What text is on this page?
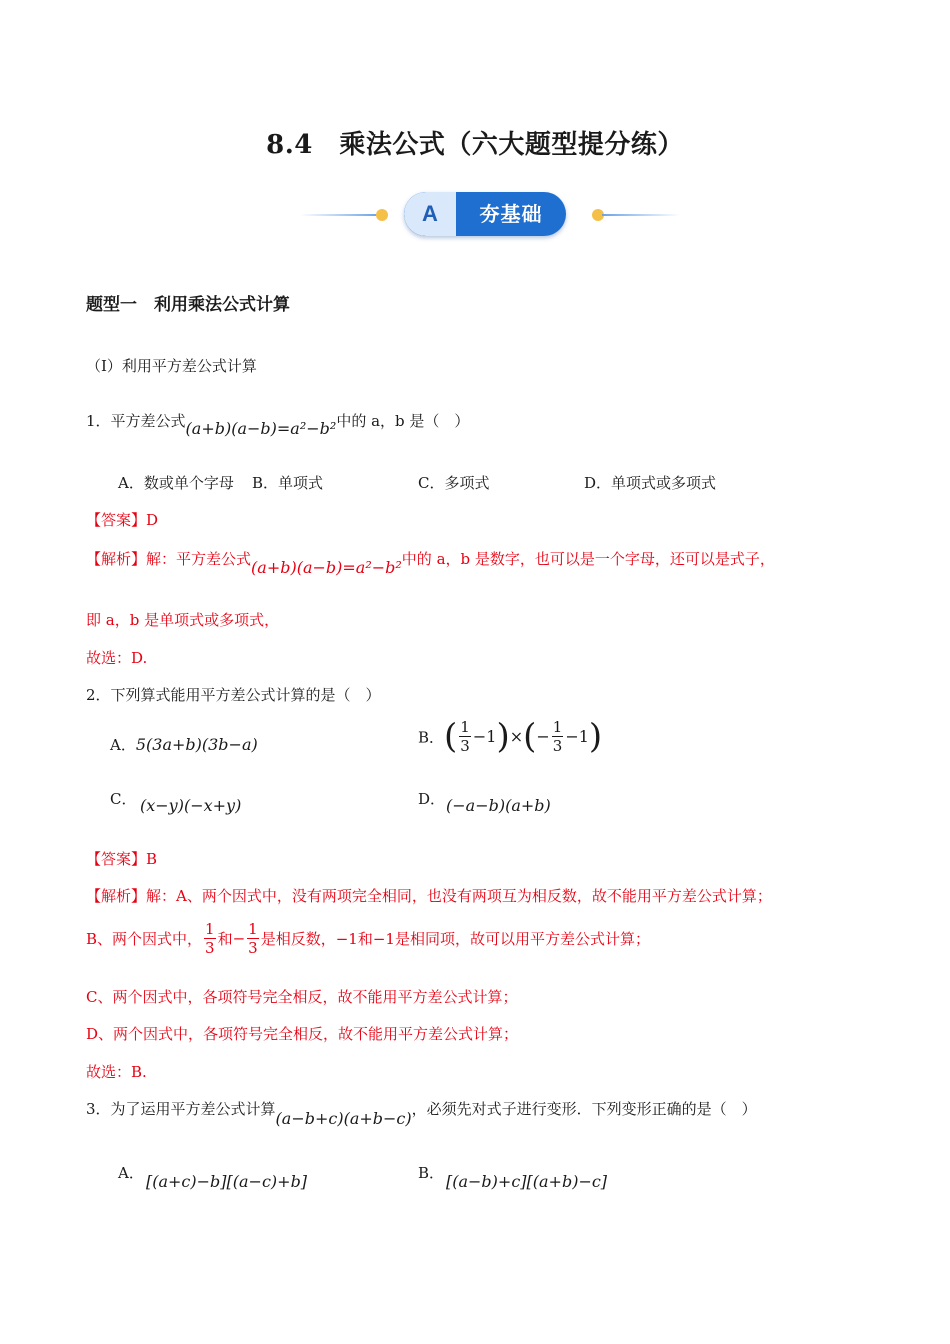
8.4　乘法公式（六大题型提分练）
A	夯基础
题型一　利用乘法公式计算
（Ⅰ）利用平方差公式计算
1．平方差公式(a+b)(a−b)=a²−b²中的 a，b 是（　）
A．数或单个字母 B．单项式	C．多项式	D．单项式或多项式
【答案】D
【解析】解：平方差公式(a+b)(a−b)=a²−b²中的 a，b 是数字，也可以是一个字母，还可以是式子，
即 a，b 是单项式或多项式，
故选：D.
2．下列算式能用平方差公式计算的是（　）
A．5(3a+b)(3b−a)	B．( $\frac{1}{3} -1)\times(- \frac{1}{3} -1)$
C． (x−y)(−x+y)	D． (−a−b)(a+b)
【答案】B
【解析】解：A、两个因式中，没有两项完全相同，也没有两项互为相反数，故不能用平方差公式计算；
B、两个因式中， $\frac{1}{3}$ 和− $\frac{1}{3}$ 是相反数，−1和−1是相同项，故可以用平方差公式计算；
C、两个因式中，各项符号完全相反，故不能用平方差公式计算；
D、两个因式中，各项符号完全相反，故不能用平方差公式计算；
故选：B.
3．为了运用平方差公式计算(a−b+c)(a+b−c)，必须先对式子进行变形．下列变形正确的是（　）
A． [(a+c)−b][(a−c)+b]	B． [(a−b)+c][(a+b)−c]
